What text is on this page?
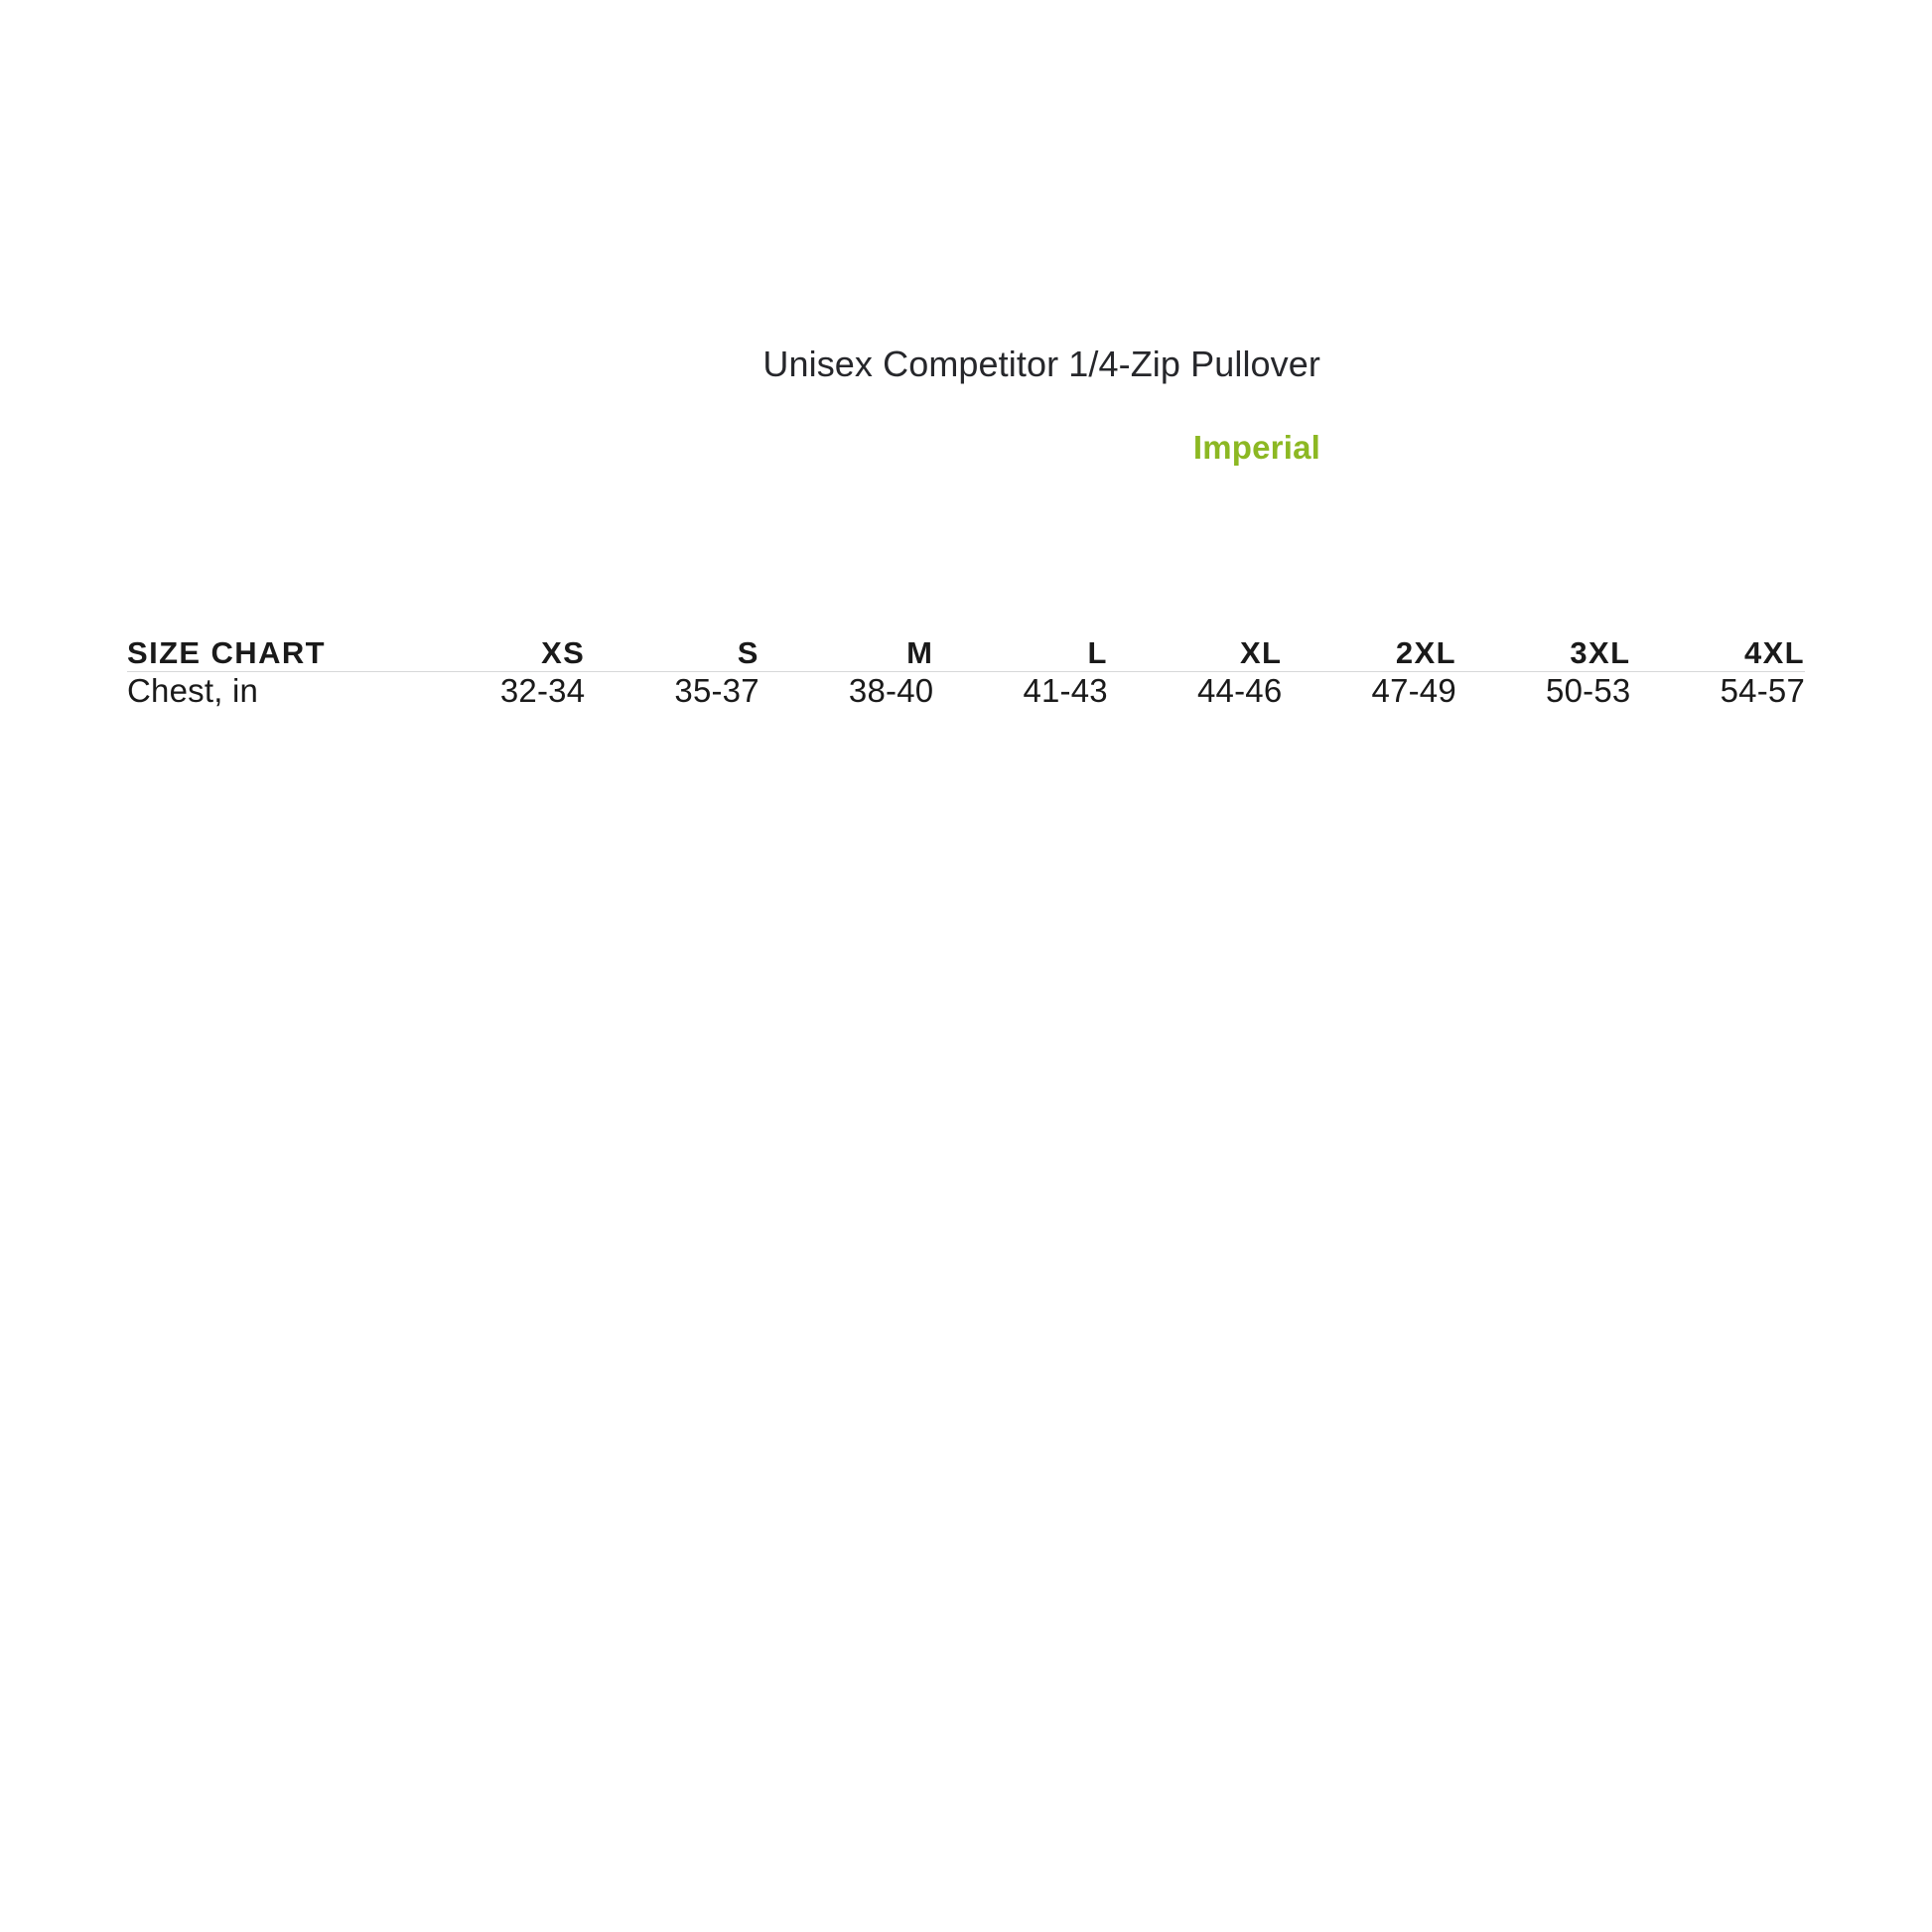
Unisex Competitor 1/4-Zip Pullover
Imperial
SIZE CHART	XS	S	M	L	XL	2XL	3XL	4XL

Chest, in	32-34	35-37	38-40	41-43	44-46	47-49	50-53	54-57
